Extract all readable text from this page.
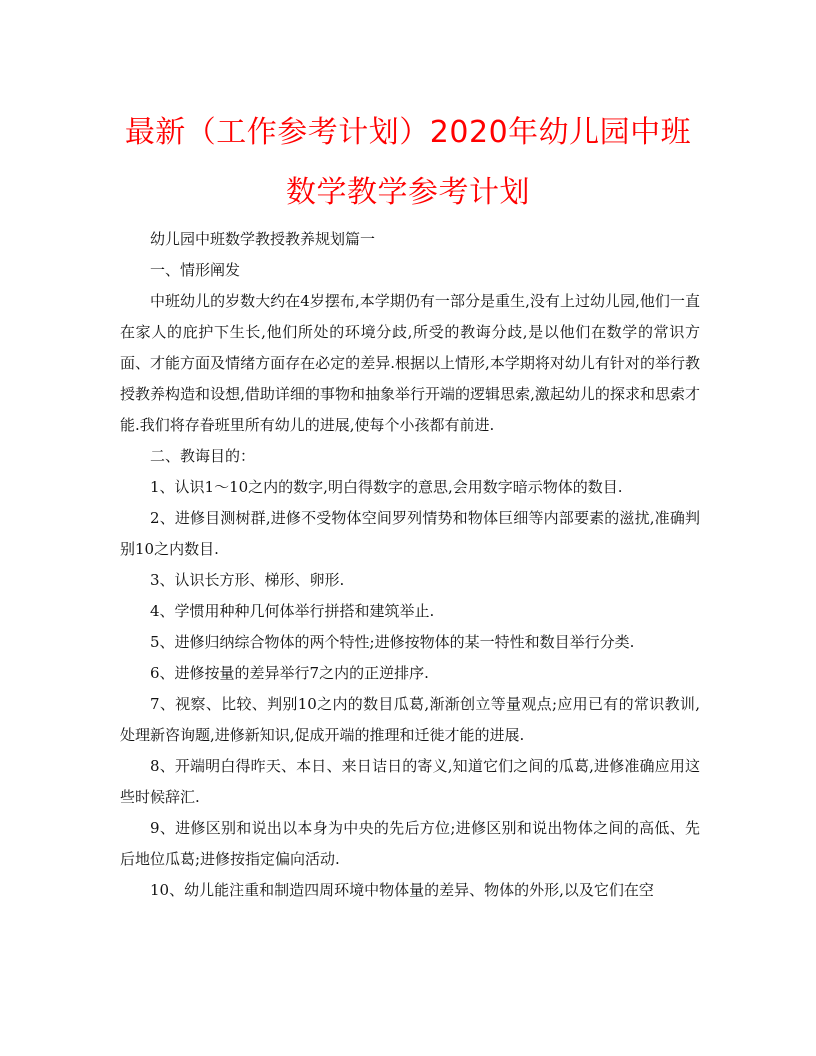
最新（工作参考计划）2020年幼儿园中班
数学教学参考计划

幼儿园中班数学教授教养规划篇一

一、情形阐发

中班幼儿的岁数大约在4岁摆布,本学期仍有一部分是重生,没有上过幼儿园,他们一直在家人的庇护下生长,他们所处的环境分歧,所受的教诲分歧,是以他们在数学的常识方面、才能方面及情绪方面存在必定的差异.根据以上情形,本学期将对幼儿有针对的举行教授教养构造和设想,借助详细的事物和抽象举行开端的逻辑思索,激起幼儿的探求和思索才能.我们将存眷班里所有幼儿的进展,使每个小孩都有前进.

二、教诲目的：

1、认识1～10之内的数字,明白得数字的意思,会用数字暗示物体的数目.

2、进修目测树群,进修不受物体空间罗列情势和物体巨细等内部要素的滋扰,准确判别10之内数目.

3、认识长方形、梯形、卵形.

4、学惯用种种几何体举行拼搭和建筑举止.

5、进修归纳综合物体的两个特性;进修按物体的某一特性和数目举行分类.

6、进修按量的差异举行7之内的正逆排序.

7、视察、比较、判别10之内的数目瓜葛,渐渐创立等量观点;应用已有的常识教训,处理新咨询题,进修新知识,促成开端的推理和迁徙才能的进展.

8、开端明白得昨天、本日、来日诘日的寄义,知道它们之间的瓜葛,进修准确应用这些时候辞汇.

9、进修区别和说出以本身为中央的先后方位;进修区别和说出物体之间的高低、先后地位瓜葛;进修按指定偏向活动.

10、幼儿能注重和制造四周环境中物体量的差异、物体的外形,以及它们在空
